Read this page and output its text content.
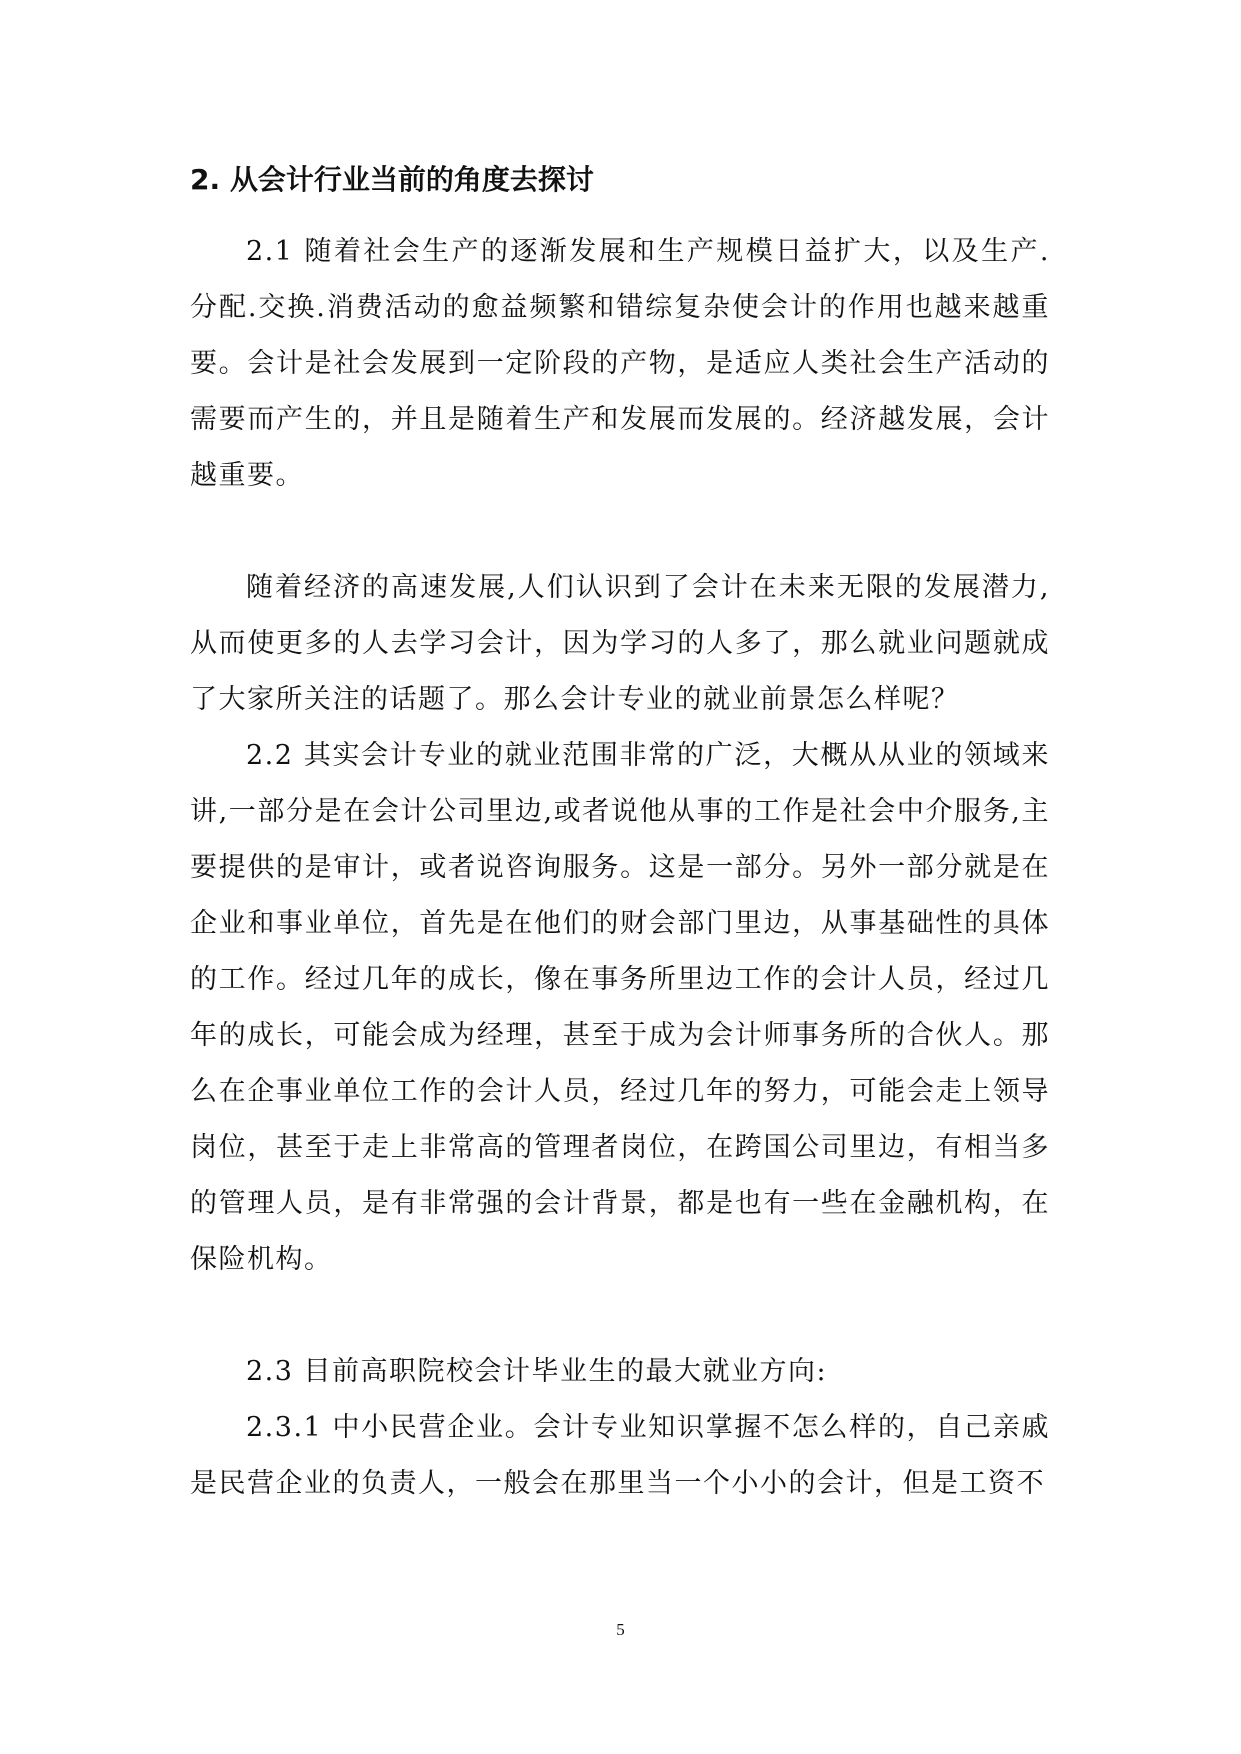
2. 从会计行业当前的角度去探讨

2.1 随着社会生产的逐渐发展和生产规模日益扩大，以及生产.分配.交换.消费活动的愈益频繁和错综复杂使会计的作用也越来越重要。会计是社会发展到一定阶段的产物，是适应人类社会生产活动的需要而产生的，并且是随着生产和发展而发展的。经济越发展，会计越重要。

随着经济的高速发展,人们认识到了会计在未来无限的发展潜力,从而使更多的人去学习会计，因为学习的人多了，那么就业问题就成了大家所关注的话题了。那么会计专业的就业前景怎么样呢？

2.2 其实会计专业的就业范围非常的广泛，大概从从业的领域来讲,一部分是在会计公司里边,或者说他从事的工作是社会中介服务,主要提供的是审计，或者说咨询服务。这是一部分。另外一部分就是在企业和事业单位，首先是在他们的财会部门里边，从事基础性的具体的工作。经过几年的成长，像在事务所里边工作的会计人员，经过几年的成长，可能会成为经理，甚至于成为会计师事务所的合伙人。那么在企事业单位工作的会计人员，经过几年的努力，可能会走上领导岗位，甚至于走上非常高的管理者岗位，在跨国公司里边，有相当多的管理人员，是有非常强的会计背景，都是也有一些在金融机构，在保险机构。

2.3 目前高职院校会计毕业生的最大就业方向:

2.3.1 中小民营企业。会计专业知识掌握不怎么样的，自己亲戚是民营企业的负责人，一般会在那里当一个小小的会计，但是工资不

5
